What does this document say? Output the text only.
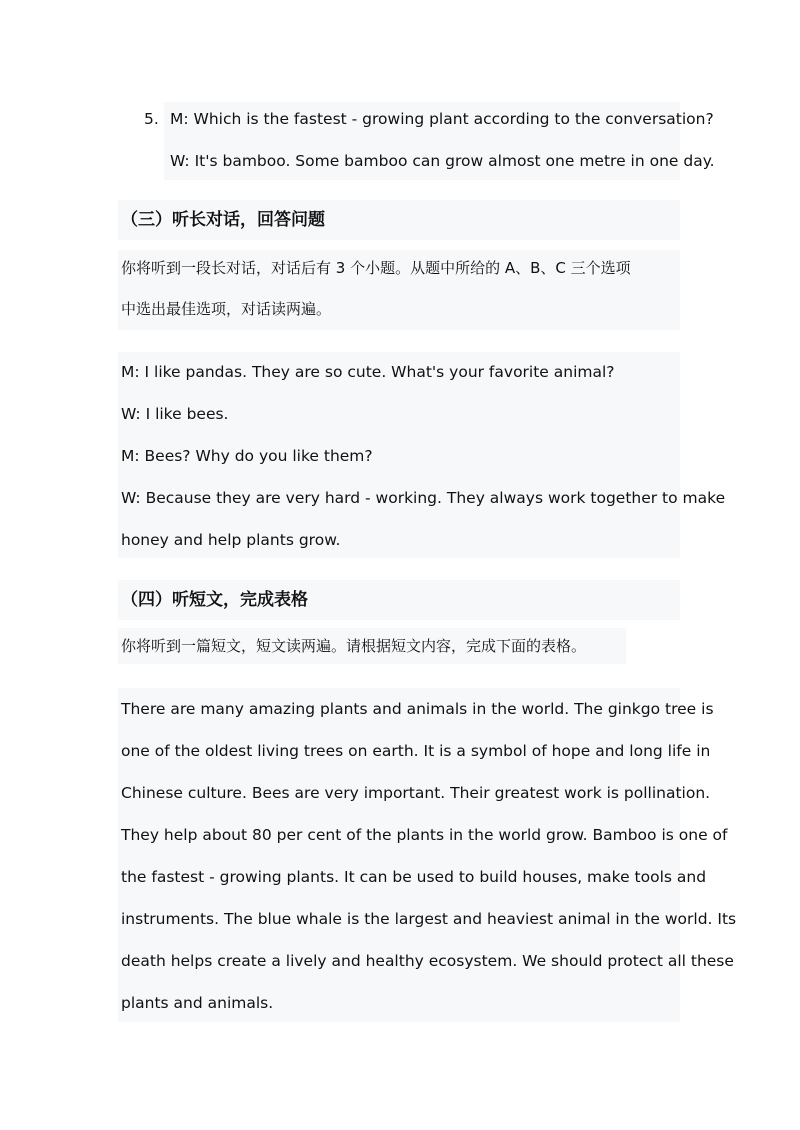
5. M: Which is the fastest - growing plant according to the conversation?
W: It's bamboo. Some bamboo can grow almost one metre in one day.
（三）听长对话，回答问题
你将听到一段长对话，对话后有 3 个小题。从题中所给的 A、B、C 三个选项
中选出最佳选项，对话读两遍。
M: I like pandas. They are so cute. What's your favorite animal?
W: I like bees.
M: Bees? Why do you like them?
W: Because they are very hard - working. They always work together to make
honey and help plants grow.
（四）听短文，完成表格
你将听到一篇短文，短文读两遍。请根据短文内容，完成下面的表格。
There are many amazing plants and animals in the world. The ginkgo tree is
one of the oldest living trees on earth. It is a symbol of hope and long life in
Chinese culture. Bees are very important. Their greatest work is pollination.
They help about 80 per cent of the plants in the world grow. Bamboo is one of
the fastest - growing plants. It can be used to build houses, make tools and
instruments. The blue whale is the largest and heaviest animal in the world. Its
death helps create a lively and healthy ecosystem. We should protect all these
plants and animals.
